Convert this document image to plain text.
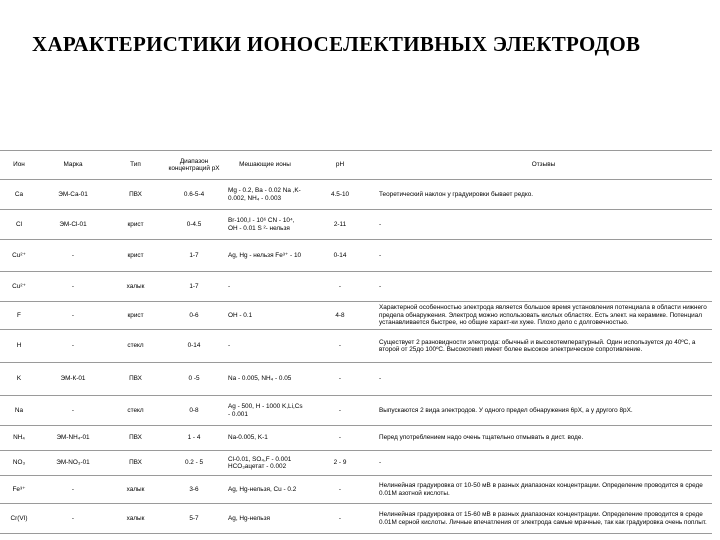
ХАРАКТЕРИСТИКИ ИОНОСЕЛЕКТИВНЫХ ЭЛЕКТРОДОВ
Ион	Марка	Тип	Диапазон концентраций pX	Мешающие ионы	pH	Отзывы
Ca	ЭМ-Са-01	ПВХ	0.6-5-4	Mg - 0.2, Ba - 0.02 Na ,K- 0.002, NH₄ - 0.003	4.5-10	Теоретический наклон у градуировки бывает редко.
Cl	ЭМ-Cl-01	крист	0-4.5	Br-100,I - 10⁶ CN - 10⁴, OH - 0.01 S ²- нельзя	2-11	-
Cu²⁺	-	крист	1-7	Ag, Hg - нельзя Fe³⁺ - 10	0-14	-
Cu²⁺	-	халык	1-7	-	-	-
F	-	крист	0-6	OH - 0.1	4-8	Характерной особенностью электрода является большое время установления потенциала в области нижнего предела обнаружения. Электрод можно использовать кислых областях. Есть элект. на керамике. Потенциал устанавливается быстрее, но общие характ-ки хуже. Плохо дело с долговечностью.
H	-	стекл	0-14	-	-	Существует 2 разновидности электрода: обычный и высокотемпературный. Один используется до 40ºC, а второй от 25до 100ºC. Высокотемп имеет более высокое электрическое сопротивление.
K	ЭМ-К-01	ПВХ	0 -5	Na - 0.005, NH₄ - 0.05	-	-
Na	-	стекл	0-8	Ag - 500, H - 1000 K,Li,Cs - 0.001	-	Выпускаются 2 вида электродов. У одного предел обнаружения 6pX, а у другого 8pX.
NH₄	ЭМ-NH₄-01	ПВХ	1 - 4	Na-0.005, K-1	-	Перед употреблением надо очень тщательно отмывать в дист. воде.
NO₃	ЭМ-NO₃-01	ПВХ	0.2 - 5	Cl-0.01, SO₄,F - 0.001 HCO₃ацетат - 0.002	2 - 9	-
Fe³⁺	-	халык	3-6	Ag, Hg-нельзя, Cu - 0.2	-	Нелинейная градуировка от 10-50 мВ в разных диапазонах концентрации. Определение проводится в среде 0.01М азотной кислоты.
Cr(VI)	-	халык	5-7	Ag, Hg-нельзя	-	Нелинейная градуировка от 15-60 мВ в разных диапазонах концентрации. Определение проводится в среде 0.01М серной кислоты. Личные впечатления от электрода самые мрачные, так как градуировка очень поплыт.
